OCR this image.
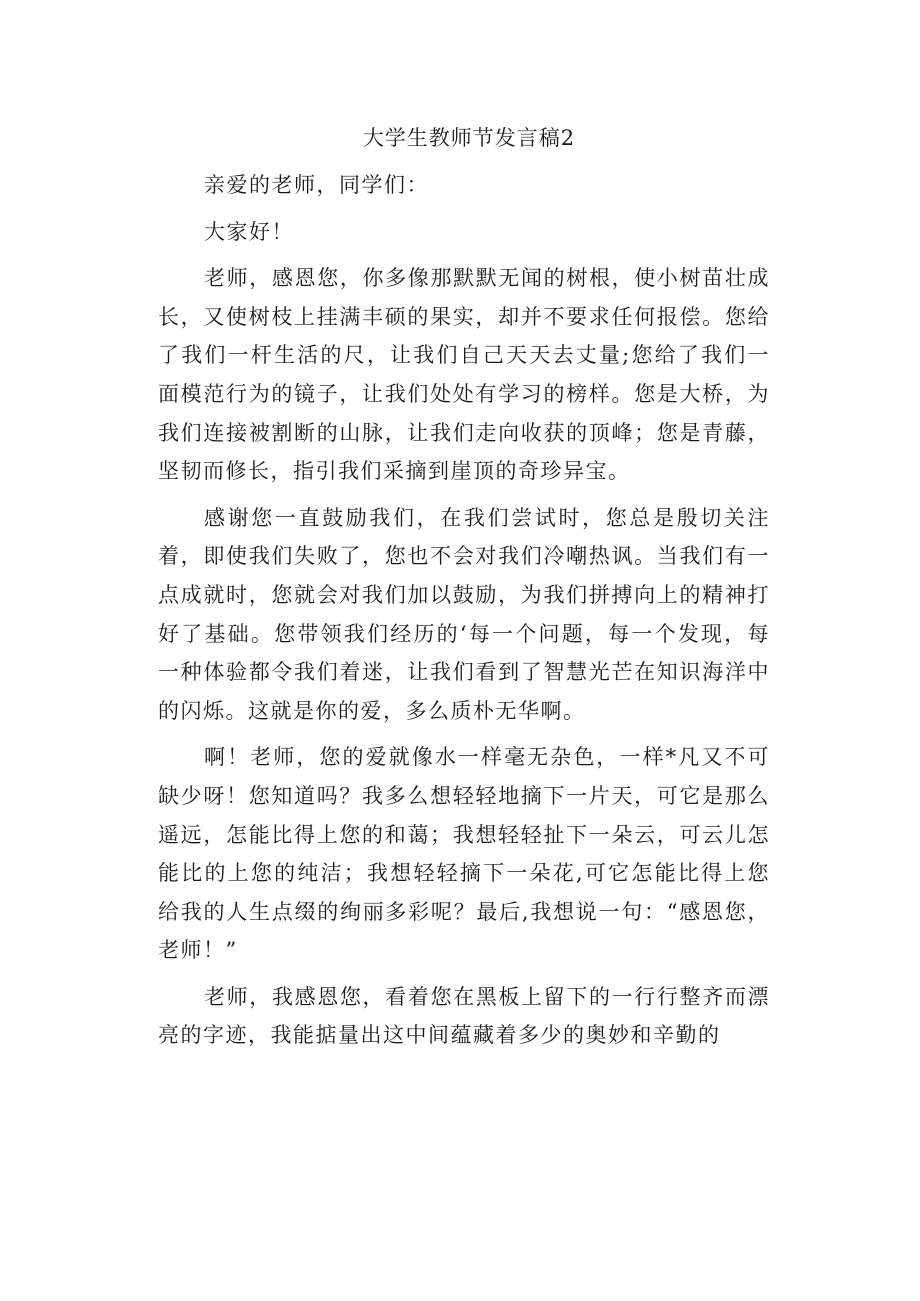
大学生教师节发言稿2

亲爱的老师，同学们：

大家好！

老师，感恩您，你多像那默默无闻的树根，使小树苗壮成长，又使树枝上挂满丰硕的果实，却并不要求任何报偿。您给了我们一杆生活的尺，让我们自己天天去丈量;您给了我们一面模范行为的镜子，让我们处处有学习的榜样。您是大桥，为我们连接被割断的山脉，让我们走向收获的顶峰；您是青藤，坚韧而修长，指引我们采摘到崖顶的奇珍异宝。

感谢您一直鼓励我们，在我们尝试时，您总是殷切关注着，即使我们失败了，您也不会对我们冷嘲热讽。当我们有一点成就时，您就会对我们加以鼓励，为我们拼搏向上的精神打好了基础。您带领我们经历的‘每一个问题，每一个发现，每一种体验都令我们着迷，让我们看到了智慧光芒在知识海洋中的闪烁。这就是你的爱，多么质朴无华啊。

啊！老师，您的爱就像水一样毫无杂色，一样*凡又不可缺少呀！您知道吗？我多么想轻轻地摘下一片天，可它是那么遥远，怎能比得上您的和蔼；我想轻轻扯下一朵云，可云儿怎能比的上您的纯洁；我想轻轻摘下一朵花,可它怎能比得上您给我的人生点缀的绚丽多彩呢？最后,我想说一句：“感恩您，老师！”

老师，我感恩您，看着您在黑板上留下的一行行整齐而漂亮的字迹，我能掂量出这中间蕴藏着多少的奥妙和辛勤的
